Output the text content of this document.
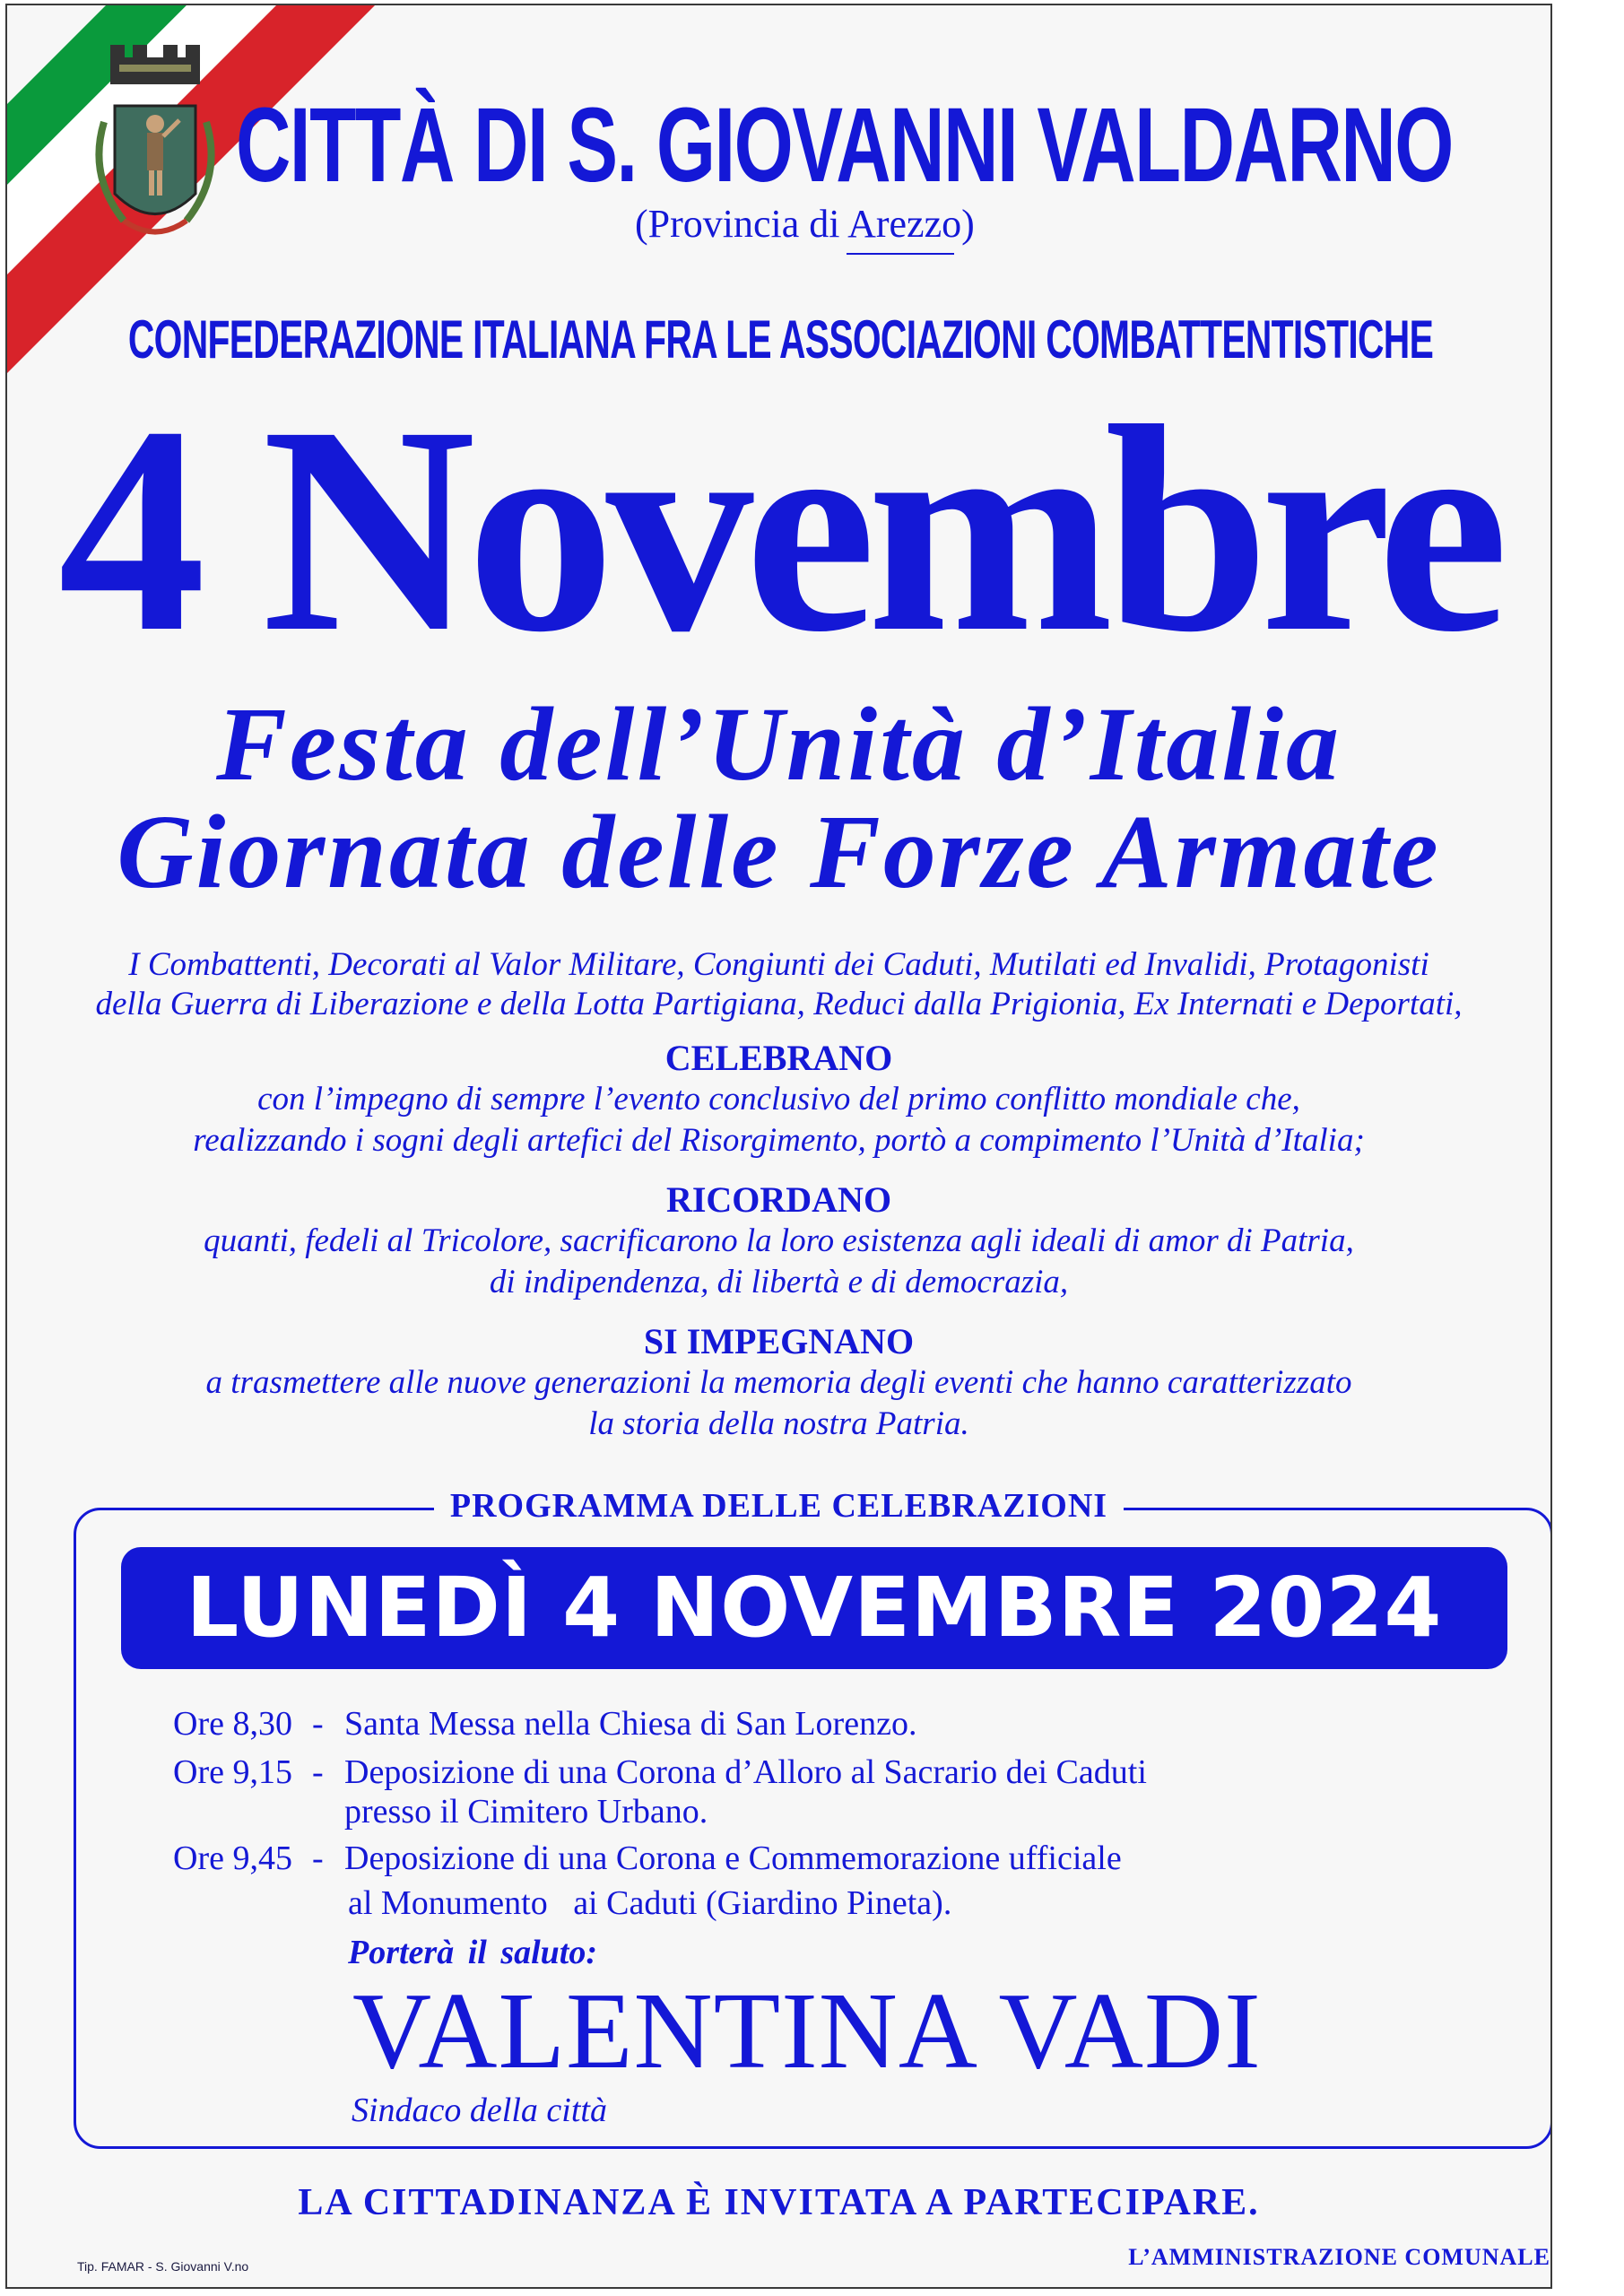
CITTÀ DI S. GIOVANNI VALDARNO
(Provincia di Arezzo)
CONFEDERAZIONE ITALIANA FRA LE ASSOCIAZIONI COMBATTENTISTICHE
4 Novembre
Festa dell’Unità d’Italia
Giornata delle Forze Armate
I Combattenti, Decorati al Valor Militare, Congiunti dei Caduti, Mutilati ed Invalidi, Protagonisti
della Guerra di Liberazione e della Lotta Partigiana, Reduci dalla Prigionia, Ex Internati e Deportati,
CELEBRANO
con l’impegno di sempre l’evento conclusivo del primo conflitto mondiale che,
realizzando i sogni degli artefici del Risorgimento, portò a compimento l’Unità d’Italia;
RICORDANO
quanti, fedeli al Tricolore, sacrificarono la loro esistenza agli ideali di amor di Patria,
di indipendenza, di libertà e di democrazia,
SI IMPEGNANO
a trasmettere alle nuove generazioni la memoria degli eventi che hanno caratterizzato
la storia della nostra Patria.
PROGRAMMA DELLE CELEBRAZIONI
LUNEDÌ 4 NOVEMBRE 2024
Ore 8,30 - Santa Messa nella Chiesa di San Lorenzo.
Ore 9,15 - Deposizione di una Corona d’Alloro al Sacrario dei Caduti
presso il Cimitero Urbano.
Ore 9,45 - Deposizione di una Corona e Commemorazione ufficiale
al Monumento   ai Caduti (Giardino Pineta).
Porterà il saluto:
VALENTINA VADI
Sindaco della città
LA CITTADINANZA È INVITATA A PARTECIPARE.
Tip. FAMAR - S. Giovanni V.no	L’AMMINISTRAZIONE COMUNALE
